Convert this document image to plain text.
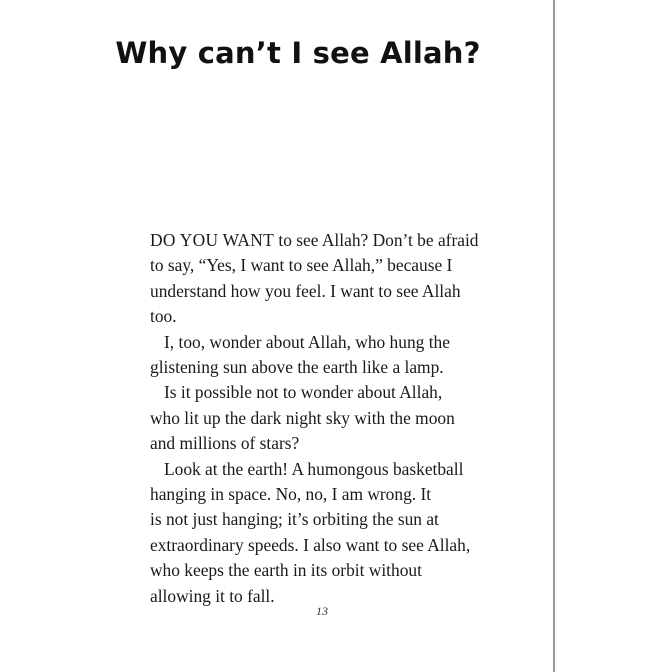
Why can’t I see Allah?
DO YOU WANT to see Allah? Don’t be afraid
to say, “Yes, I want to see Allah,” because I
understand how you feel. I want to see Allah
too.
I, too, wonder about Allah, who hung the
glistening sun above the earth like a lamp.
Is it possible not to wonder about Allah,
who lit up the dark night sky with the moon
and millions of stars?
Look at the earth! A humongous basketball
hanging in space. No, no, I am wrong. It
is not just hanging; it’s orbiting the sun at
extraordinary speeds. I also want to see Allah,
who keeps the earth in its orbit without
allowing it to fall.
13
